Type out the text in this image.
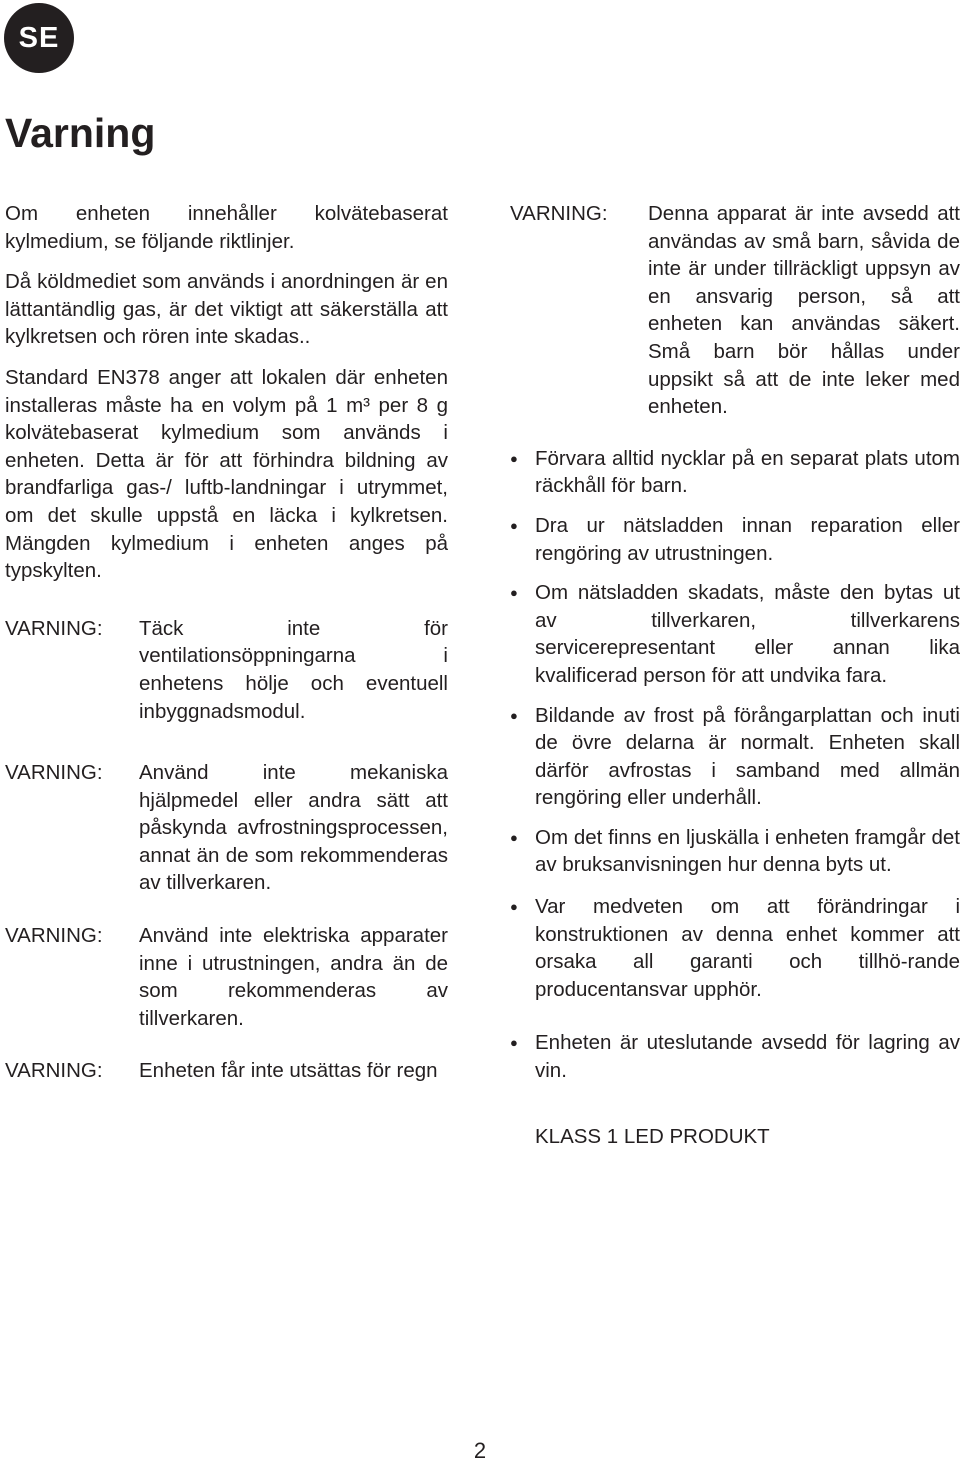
SE
Varning

Om enheten innehåller kolvätebaserat kylmedium, se följande riktlinjer.

Då köldmediet som används i anordningen är en lättantändlig gas, är det viktigt att säkerställa att kylkretsen och rören inte skadas..

Standard EN378 anger att lokalen där enheten installeras måste ha en volym på 1 m³ per 8 g kolvätebaserat kylmedium som används i enheten. Detta är för att förhindra bildning av brandfarliga gas-/ luftb-landningar i utrymmet, om det skulle uppstå en läcka i kylkretsen. Mängden kylmedium i enheten anges på typskylten.

VARNING:	Täck inte för ventilationsöppningarna i enhetens hölje och eventuell inbyggnadsmodul.
VARNING:	Använd inte mekaniska hjälpmedel eller andra sätt att påskynda avfrostningsprocessen, annat än de som rekommenderas av tillverkaren.
VARNING:	Använd inte elektriska apparater inne i utrustningen, andra än de som rekommenderas av tillverkaren.
VARNING:	Enheten får inte utsättas för regn
VARNING:	Denna apparat är inte avsedd att användas av små barn, såvida de inte är under tillräckligt uppsyn av en ansvarig person, så att enheten kan användas säkert. Små barn bör hållas under uppsikt så att de inte leker med enheten.
● Förvara alltid nycklar på en separat plats utom räckhåll för barn.
● Dra ur nätsladden innan reparation eller rengöring av utrustningen.
● Om nätsladden skadats, måste den bytas ut av tillverkaren, tillverkarens servicerepresentant eller annan lika kvalificerad person för att undvika fara.
● Bildande av frost på förångarplattan och inuti de övre delarna är normalt. Enheten skall därför avfrostas i samband med allmän rengöring eller underhåll.
● Om det finns en ljuskälla i enheten framgår det av bruksanvisningen hur denna byts ut.
● Var medveten om att förändringar i konstruktionen av denna enhet kommer att orsaka all garanti och tillhö-rande producentansvar upphör.
● Enheten är uteslutande avsedd för lagring av vin.
KLASS 1 LED PRODUKT
2
